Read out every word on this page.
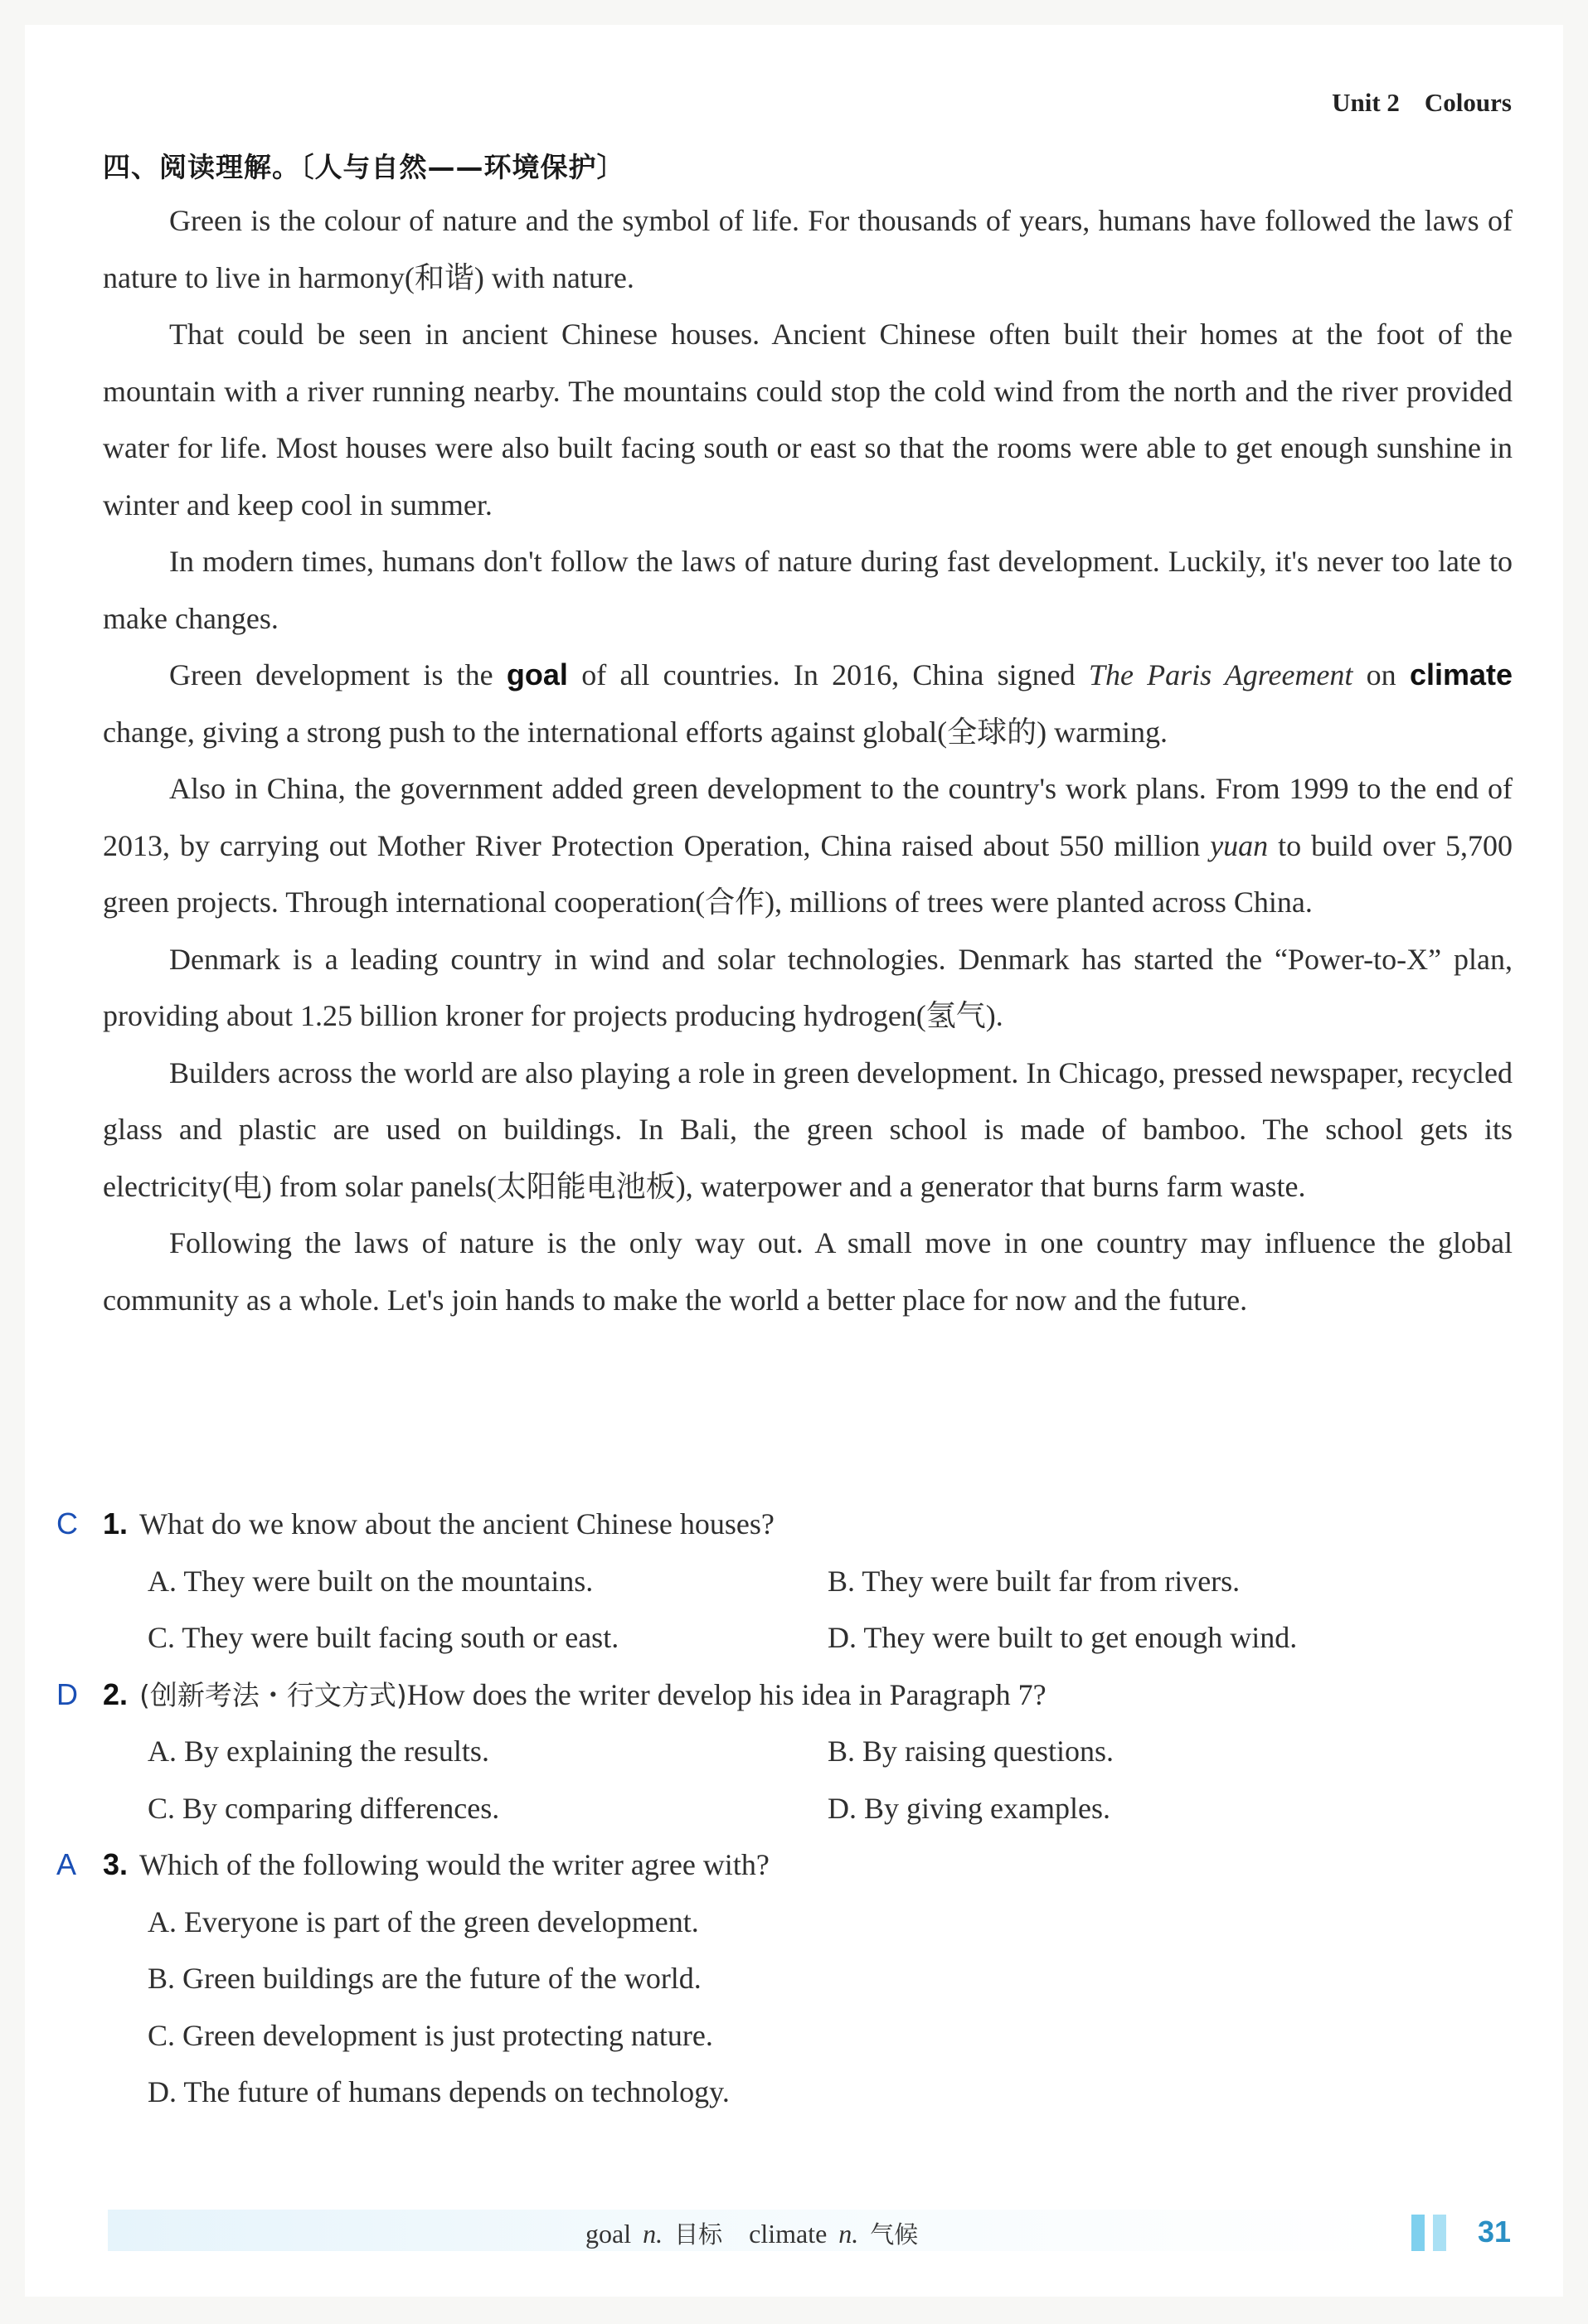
Unit 2 Colours
四、阅读理解。〔人与自然——环境保护〕

Green is the colour of nature and the symbol of life. For thousands of years, humans have followed the laws of nature to live in harmony(和谐) with nature.

That could be seen in ancient Chinese houses. Ancient Chinese often built their homes at the foot of the mountain with a river running nearby. The mountains could stop the cold wind from the north and the river provided water for life. Most houses were also built facing south or east so that the rooms were able to get enough sunshine in winter and keep cool in summer.

In modern times, humans don't follow the laws of nature during fast development. Luckily, it's never too late to make changes.

Green development is the goal of all countries. In 2016, China signed The Paris Agreement on climate change, giving a strong push to the international efforts against global(全球的) warming.

Also in China, the government added green development to the country's work plans. From 1999 to the end of 2013, by carrying out Mother River Protection Operation, China raised about 550 million yuan to build over 5,700 green projects. Through international cooperation(合作), millions of trees were planted across China.

Denmark is a leading country in wind and solar technologies. Denmark has started the “Power-to-X” plan, providing about 1.25 billion kroner for projects producing hydrogen(氢气).

Builders across the world are also playing a role in green development. In Chicago, pressed newspaper, recycled glass and plastic are used on buildings. In Bali, the green school is made of bamboo. The school gets its electricity(电) from solar panels(太阳能电池板), waterpower and a generator that burns farm waste.

Following the laws of nature is the only way out. A small move in one country may influence the global community as a whole. Let's join hands to make the world a better place for now and the future.

C 1. What do we know about the ancient Chinese houses?
A. They were built on the mountains.	B. They were built far from rivers.
C. They were built facing south or east.	D. They were built to get enough wind.
D 2. (创新考法・行文方式)How does the writer develop his idea in Paragraph 7?
A. By explaining the results.	B. By raising questions.
C. By comparing differences.	D. By giving examples.
A 3. Which of the following would the writer agree with?
A. Everyone is part of the green development.
B. Green buildings are the future of the world.
C. Green development is just protecting nature.
D. The future of humans depends on technology.
goal n. 目标 climate n. 气候	31
